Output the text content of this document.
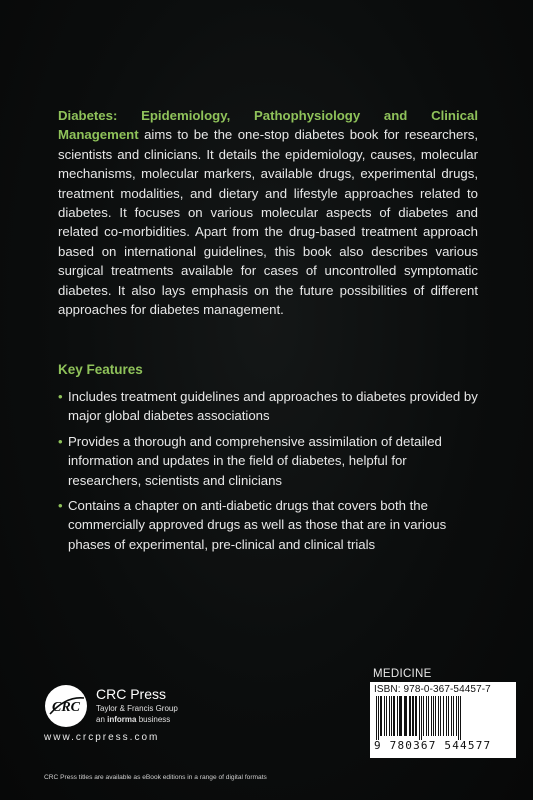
Diabetes: Epidemiology, Pathophysiology and Clinical Management aims to be the one-stop diabetes book for researchers, scientists and clinicians. It details the epidemiology, causes, molecular mechanisms, molecular markers, available drugs, experimental drugs, treatment modalities, and dietary and lifestyle approaches related to diabetes. It focuses on various molecular aspects of diabetes and related co-morbidities. Apart from the drug-based treatment approach based on international guidelines, this book also describes various surgical treatments available for cases of uncontrolled symptomatic diabetes. It also lays emphasis on the future possibilities of different approaches for diabetes management.

Key Features
• Includes treatment guidelines and approaches to diabetes provided by major global diabetes associations
• Provides a thorough and comprehensive assimilation of detailed information and updates in the field of diabetes, helpful for researchers, scientists and clinicians
• Contains a chapter on anti-diabetic drugs that covers both the commercially approved drugs as well as those that are in various phases of experimental, pre-clinical and clinical trials
MEDICINE
ISBN: 978-0-367-54457-7
9 780367 544577
CRC
CRC Press
Taylor & Francis Group
an informa business
www.crcpress.com
CRC Press titles are available as eBook editions in a range of digital formats
